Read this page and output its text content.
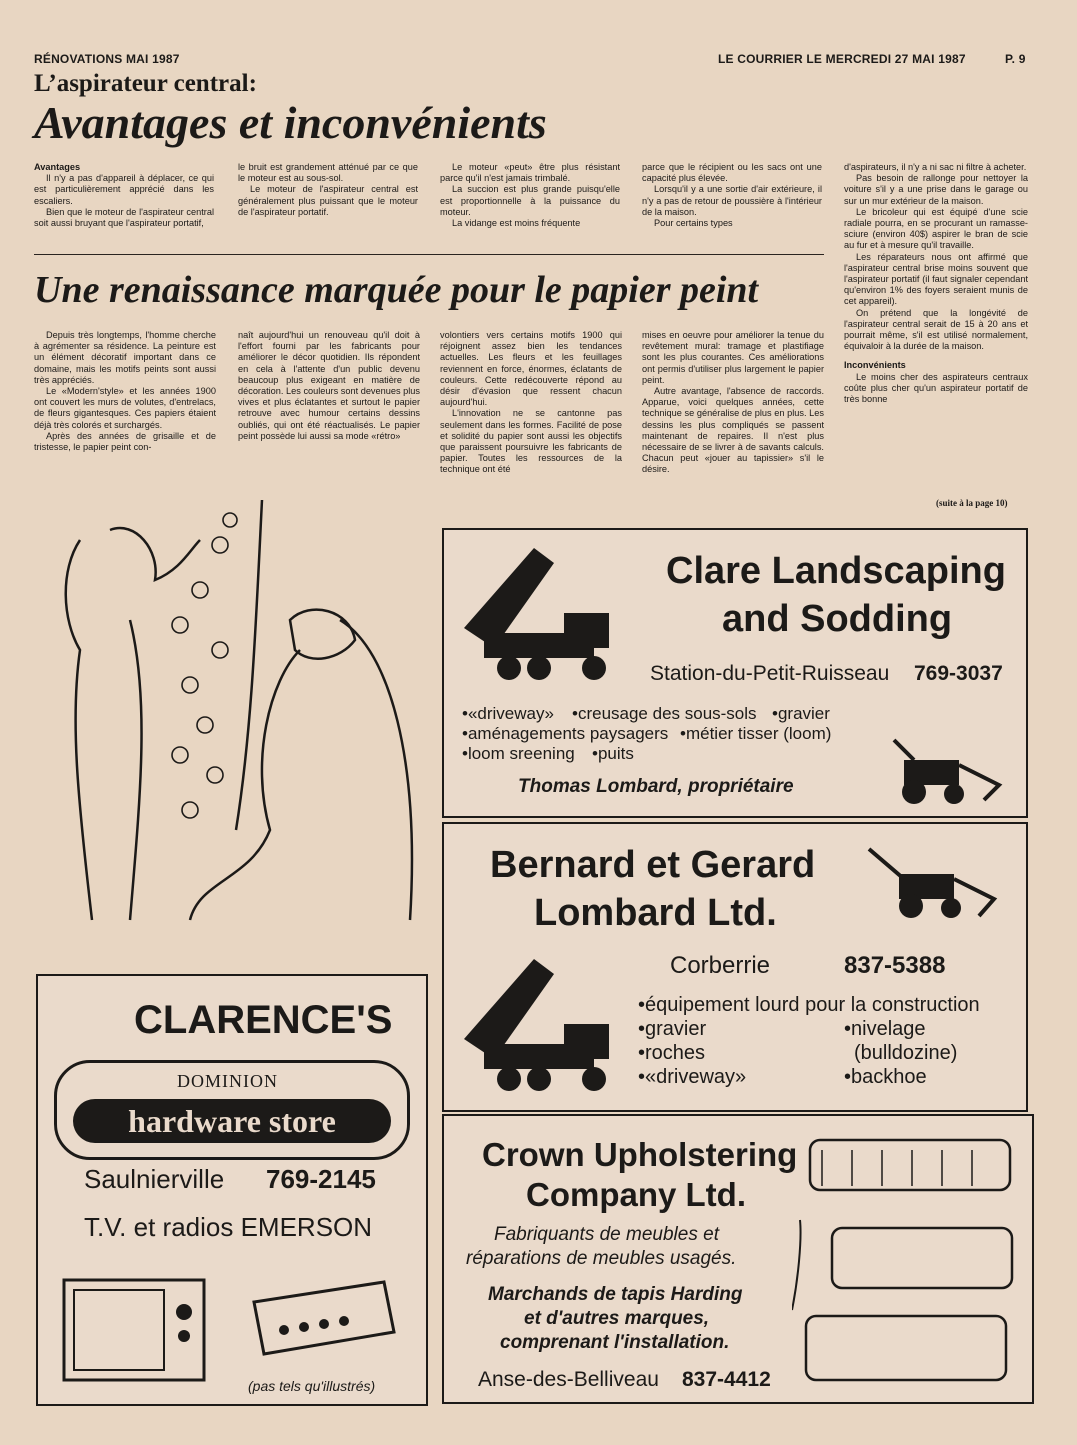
RÉNOVATIONS MAI 1987	LE COURRIER LE MERCREDI 27 MAI 1987	P. 9
L’aspirateur central:
Avantages et inconvénients

Avantages

Il n'y a pas d'appareil à déplacer, ce qui est particulièrement apprécié dans les escaliers.

Bien que le moteur de l'aspirateur central soit aussi bruyant que l'aspirateur portatif,

le bruit est grandement atténué par ce que le moteur est au sous-sol.

Le moteur de l'aspirateur central est généralement plus puissant que le moteur de l'aspirateur portatif.

Le moteur «peut» être plus résistant parce qu'il n'est jamais trimbalé.

La succion est plus grande puisqu'elle est proportionnelle à la puissance du moteur.

La vidange est moins fréquente

parce que le récipient ou les sacs ont une capacité plus élevée.

Lorsqu'il y a une sortie d'air extérieure, il n'y a pas de retour de poussière à l'intérieur de la maison.

Pour certains types

d'aspirateurs, il n'y a ni sac ni filtre à acheter.

Pas besoin de rallonge pour nettoyer la voiture s'il y a une prise dans le garage ou sur un mur extérieur de la maison.

Le bricoleur qui est équipé d'une scie radiale pourra, en se procurant un ramasse-sciure (environ 40$) aspirer le bran de scie au fur et à mesure qu'il travaille.

Les réparateurs nous ont affirmé que l'aspirateur central brise moins souvent que l'aspirateur portatif (il faut signaler cependant qu'environ 1% des foyers seraient munis de cet appareil).

On prétend que la longévité de l'aspirateur central serait de 15 à 20 ans et pourrait même, s'il est utilisé normalement, équivaloir à la durée de la maison.

Inconvénients

Le moins cher des aspirateurs centraux coûte plus cher qu'un aspirateur portatif de très bonne

(suite à la page 10)
Une renaissance marquée pour le papier peint

Depuis très longtemps, l'homme cherche à agrémenter sa résidence. La peinture est un élément décoratif important dans ce domaine, mais les motifs peints sont aussi très appréciés.

Le «Modern'style» et les années 1900 ont couvert les murs de volutes, d'entrelacs, de fleurs gigantesques. Ces papiers étaient déjà très colorés et surchargés.

Après des années de grisaille et de tristesse, le papier peint con-

naît aujourd'hui un renouveau qu'il doit à l'effort fourni par les fabricants pour améliorer le décor quotidien. Ils répondent en cela à l'attente d'un public devenu beaucoup plus exigeant en matière de décoration. Les couleurs sont devenues plus vives et plus éclatantes et surtout le papier retrouve avec humour certains dessins oubliés, qui ont été réactualisés. Le papier peint possède lui aussi sa mode «rétro»

volontiers vers certains motifs 1900 qui réjoignent assez bien les tendances actuelles. Les fleurs et les feuillages reviennent en force, énormes, éclatants de couleurs. Cette redécouverte répond au désir d'évasion que ressent chacun aujourd'hui.

L'innovation ne se cantonne pas seulement dans les formes. Facilité de pose et solidité du papier sont aussi les objectifs que paraissent poursuivre les fabricants de papier. Toutes les ressources de la technique ont été

mises en oeuvre pour améliorer la tenue du revêtement mural: tramage et plastifiage sont les plus courantes. Ces améliorations ont permis d'utiliser plus largement le papier peint.

Autre avantage, l'absence de raccords. Apparue, voici quelques années, cette technique se généralise de plus en plus. Les dessins les plus compliqués se passent maintenant de repaires. Il n'est plus nécessaire de se livrer à de savants calculs. Chacun peut «jouer au tapissier» s'il le désire.

Clare Landscaping
and Sodding
Station-du-Petit-Ruisseau 769-3037
•«driveway» •creusage des sous-sols •gravier
•aménagements paysagers •métier tisser (loom)
•loom sreening •puits
Thomas Lombard, propriétaire
Bernard et Gerard
Lombard Ltd.
Corberrie	837-5388
•équipement lourd pour la construction
•gravier
•roches
•«driveway»
•nivelage
(bulldozine)
•backhoe
CLARENCE'S
DOMINION
hardware store
Saulnierville 769-2145
T.V. et radios EMERSON
(pas tels qu'illustrés)
Crown Upholstering
Company Ltd.
Fabriquants de meubles et
réparations de meubles usagés.
Marchands de tapis Harding
et d'autres marques,
comprenant l'installation.
Anse-des-Belliveau 837-4412
